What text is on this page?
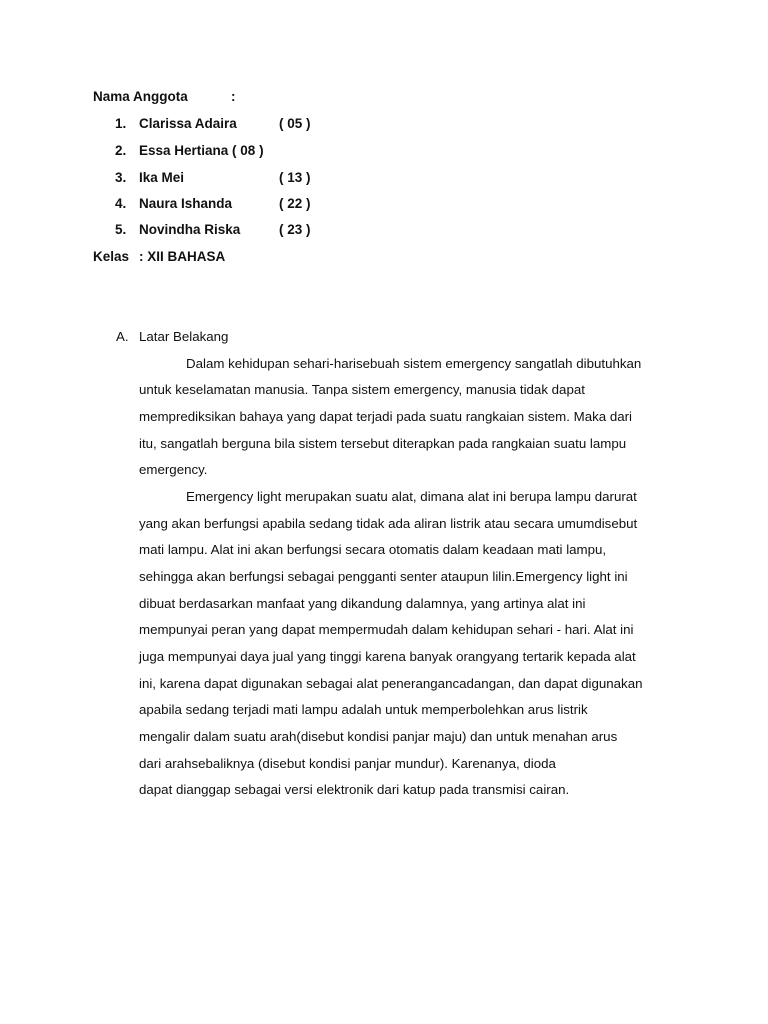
Nama Anggota	:
1. Clarissa Adaira	( 05 )
2. Essa Hertiana ( 08 )
3. Ika Mei	( 13 )
4. Naura Ishanda	( 22 )
5. Novindha Riska	( 23 )
Kelas : XII BAHASA
A. Latar Belakang
Dalam kehidupan sehari-harisebuah sistem emergency sangatlah dibutuhkan
untuk keselamatan manusia. Tanpa sistem emergency, manusia tidak dapat
memprediksikan bahaya yang dapat terjadi pada suatu rangkaian sistem. Maka dari
itu, sangatlah berguna bila sistem tersebut diterapkan pada rangkaian suatu lampu
emergency.
Emergency light merupakan suatu alat, dimana alat ini berupa lampu darurat
yang akan berfungsi apabila sedang tidak ada aliran listrik atau secara umumdisebut
mati lampu. Alat ini akan berfungsi secara otomatis dalam keadaan mati lampu,
sehingga akan berfungsi sebagai pengganti senter ataupun lilin.Emergency light ini
dibuat berdasarkan manfaat yang dikandung dalamnya, yang artinya alat ini
mempunyai peran yang dapat mempermudah dalam kehidupan sehari - hari. Alat ini
juga mempunyai daya jual yang tinggi karena banyak orangyang tertarik kepada alat
ini, karena dapat digunakan sebagai alat penerangancadangan, dan dapat digunakan
apabila sedang terjadi mati lampu adalah untuk memperbolehkan arus listrik
mengalir dalam suatu arah(disebut kondisi panjar maju) dan untuk menahan arus
dari arahsebaliknya (disebut kondisi panjar mundur). Karenanya, dioda
dapat dianggap sebagai versi elektronik dari katup pada transmisi cairan.
